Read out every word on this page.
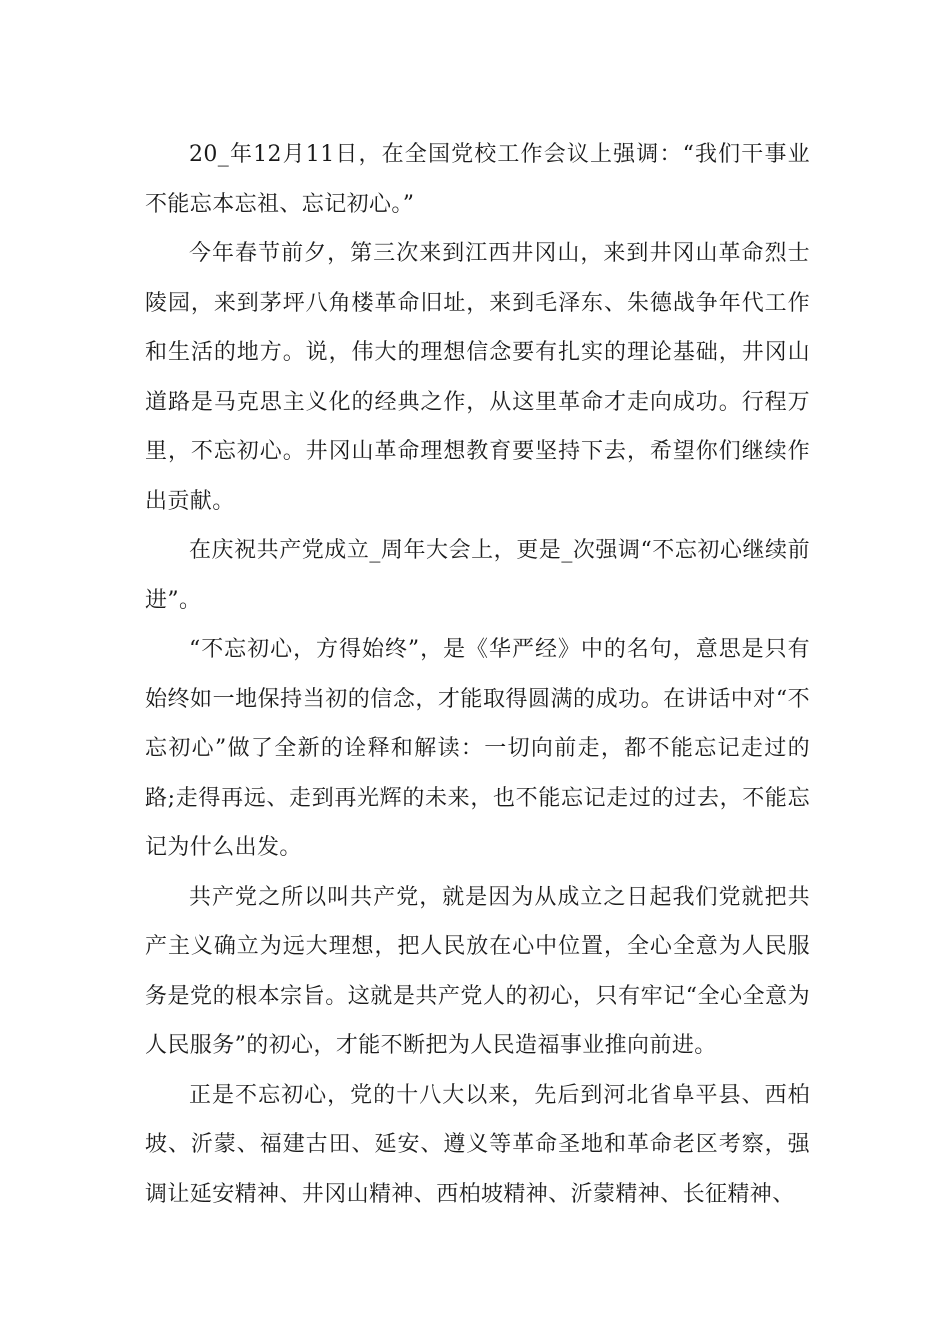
20_年12月11日，在全国党校工作会议上强调：“我们干事业不能忘本忘祖、忘记初心。”

今年春节前夕，第三次来到江西井冈山，来到井冈山革命烈士陵园，来到茅坪八角楼革命旧址，来到毛泽东、朱德战争年代工作和生活的地方。说，伟大的理想信念要有扎实的理论基础，井冈山道路是马克思主义化的经典之作，从这里革命才走向成功。行程万里，不忘初心。井冈山革命理想教育要坚持下去，希望你们继续作出贡献。

在庆祝共产党成立_周年大会上，更是_次强调“不忘初心继续前进”。

“不忘初心，方得始终”，是《华严经》中的名句，意思是只有始终如一地保持当初的信念，才能取得圆满的成功。在讲话中对“不忘初心”做了全新的诠释和解读：一切向前走，都不能忘记走过的路;走得再远、走到再光辉的未来，也不能忘记走过的过去，不能忘记为什么出发。

共产党之所以叫共产党，就是因为从成立之日起我们党就把共产主义确立为远大理想，把人民放在心中位置，全心全意为人民服务是党的根本宗旨。这就是共产党人的初心，只有牢记“全心全意为人民服务”的初心，才能不断把为人民造福事业推向前进。

正是不忘初心，党的十八大以来，先后到河北省阜平县、西柏坡、沂蒙、福建古田、延安、遵义等革命圣地和革命老区考察，强调让延安精神、井冈山精神、西柏坡精神、沂蒙精神、长征精神、
